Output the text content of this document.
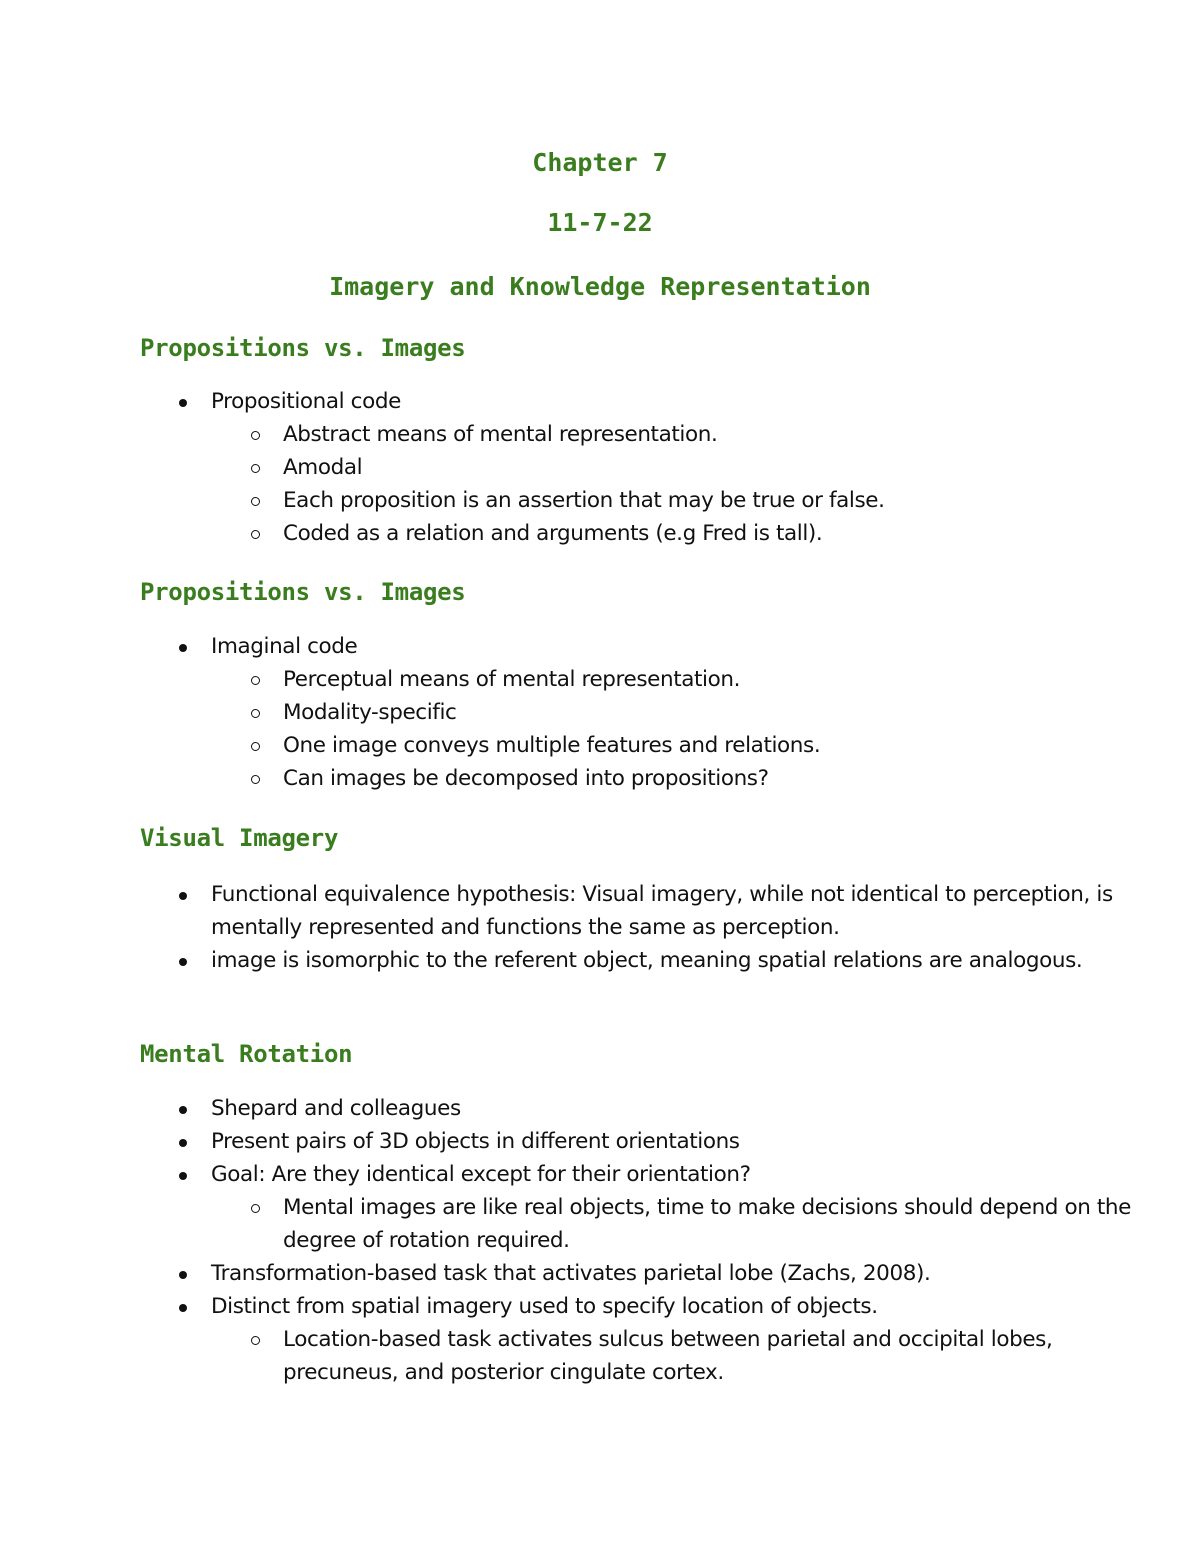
Chapter 7

11-7-22

Imagery and Knowledge Representation

Propositions vs. Images
Propositional code
Abstract means of mental representation.
Amodal
Each proposition is an assertion that may be true or false.
Coded as a relation and arguments (e.g Fred is tall).
Propositions vs. Images
Imaginal code
Perceptual means of mental representation.
Modality-specific
One image conveys multiple features and relations.
Can images be decomposed into propositions?
Visual Imagery
Functional equivalence hypothesis: Visual imagery, while not identical to perception, is mentally represented and functions the same as perception.
image is isomorphic to the referent object, meaning spatial relations are analogous.
Mental Rotation
Shepard and colleagues
Present pairs of 3D objects in different orientations
Goal: Are they identical except for their orientation?
Mental images are like real objects, time to make decisions should depend on the degree of rotation required.
Transformation-based task that activates parietal lobe (Zachs, 2008).
Distinct from spatial imagery used to specify location of objects.
Location-based task activates sulcus between parietal and occipital lobes, precuneus, and posterior cingulate cortex.
